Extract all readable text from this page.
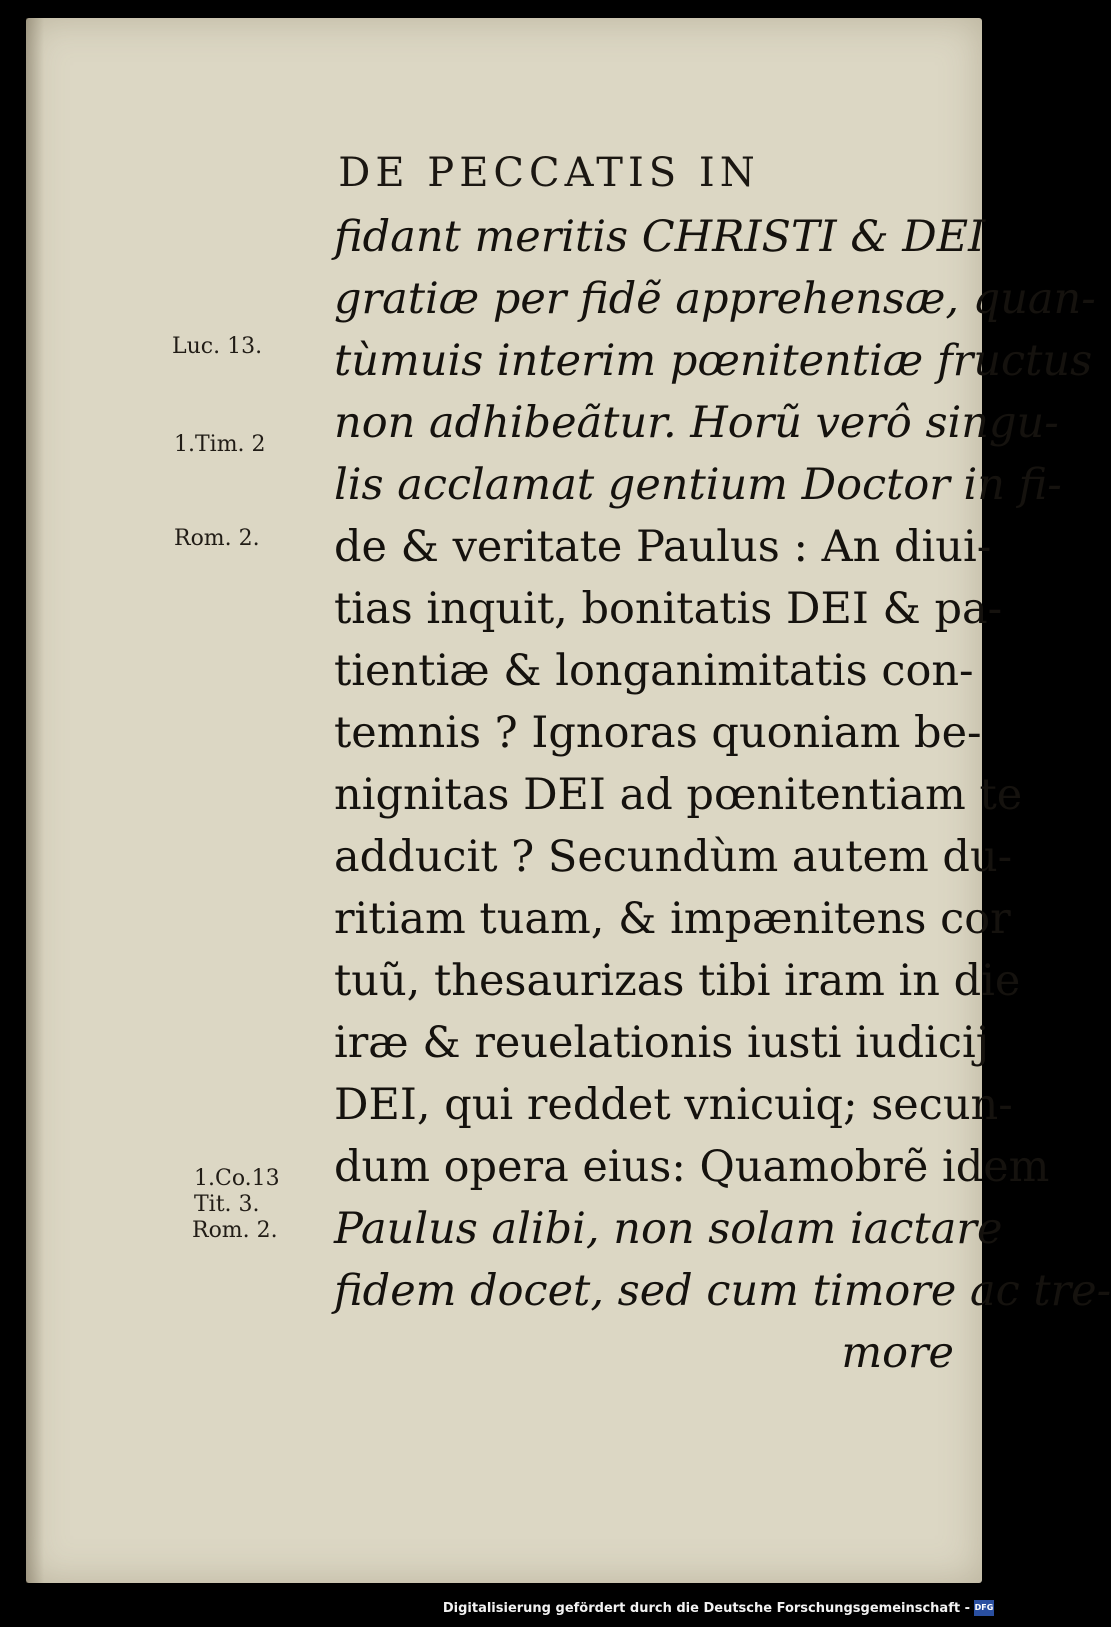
DE PECCATIS IN
Luc. 13.
1.Tim. 2
Rom. 2.
1.Co.13
Tit. 3.
Rom. 2.
fidant meritis CHRISTI & DEI
gratiæ per fidẽ apprehensæ, quan-
tùmuis interim pœnitentiæ fructus
non adhibeãtur. Horũ verô singu-
lis acclamat gentium Doctor in fi-
de & veritate Paulus : An diui-
tias inquit, bonitatis DEI & pa-
tientiæ & longanimitatis con-
temnis ? Ignoras quoniam be-
nignitas DEI ad pœnitentiam te
adducit ? Secundùm autem du-
ritiam tuam, & impænitens cor
tuũ, thesaurizas tibi iram in die
iræ & reuelationis iusti iudicij
DEI, qui reddet vnicuiq; secun-
dum opera eius: Quamobrẽ idem
Paulus alibi, non solam iactare
fidem docet, sed cum timore ac tre-
more
Digitalisierung gefördert durch die Deutsche Forschungsgemeinschaft - DFG
